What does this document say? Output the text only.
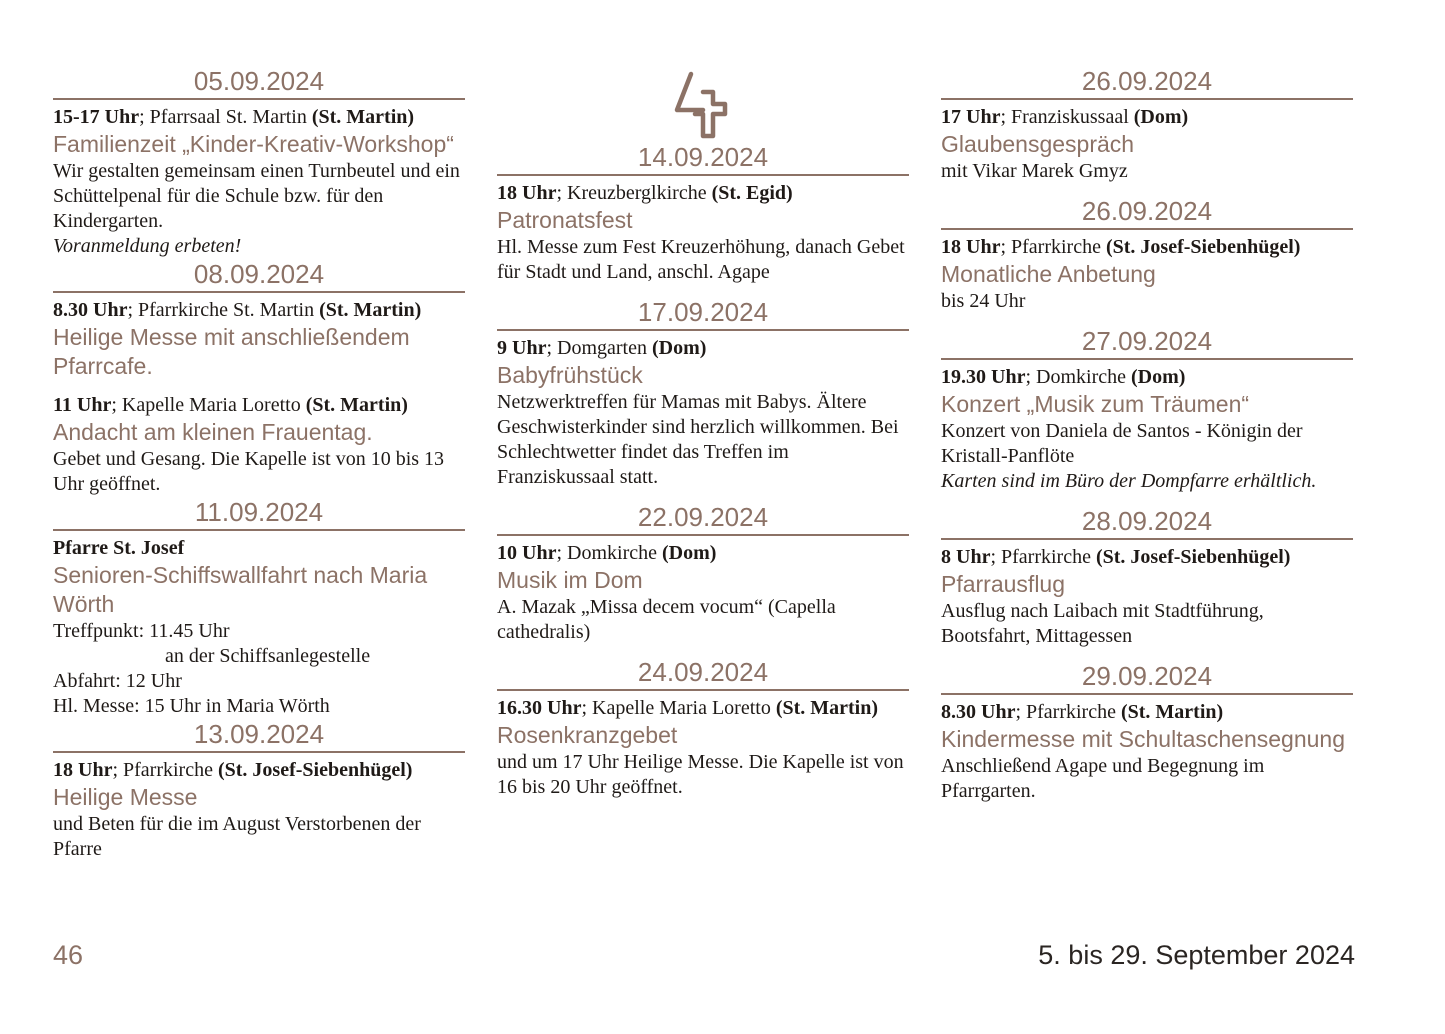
05.09.2024
15-17 Uhr; Pfarrsaal St. Martin (St. Martin)
Familienzeit „Kinder-Kreativ-Workshop“
Wir gestalten gemeinsam einen Turnbeutel und ein Schüttelpenal für die Schule bzw. für den Kindergarten.
Voranmeldung erbeten!
08.09.2024
8.30 Uhr; Pfarrkirche St. Martin (St. Martin)
Heilige Messe mit anschließendem Pfarrcafe.
11 Uhr; Kapelle Maria Loretto (St. Martin)
Andacht am kleinen Frauentag.
Gebet und Gesang. Die Kapelle ist von 10 bis 13 Uhr geöffnet.
11.09.2024
Pfarre St. Josef
Senioren-Schiffswallfahrt nach Maria Wörth
Treffpunkt: 11.45 Uhr
an der Schiffsanlegestelle
Abfahrt: 12 Uhr
Hl. Messe: 15 Uhr in Maria Wörth
13.09.2024
18 Uhr; Pfarrkirche (St. Josef-Siebenhügel)
Heilige Messe
und Beten für die im August Verstorbenen der Pfarre
14.09.2024
18 Uhr; Kreuzberglkirche (St. Egid)
Patronatsfest
Hl. Messe zum Fest Kreuzerhöhung, danach Gebet für Stadt und Land, anschl. Agape
17.09.2024
9 Uhr; Domgarten (Dom)
Babyfrühstück
Netzwerktreffen für Mamas mit Babys. Ältere Geschwisterkinder sind herzlich willkommen. Bei Schlechtwetter findet das Treffen im Franziskussaal statt.
22.09.2024
10 Uhr; Domkirche (Dom)
Musik im Dom
A. Mazak „Missa decem vocum“ (Capella cathedralis)
24.09.2024
16.30 Uhr; Kapelle Maria Loretto (St. Martin)
Rosenkranzgebet
und um 17 Uhr Heilige Messe. Die Kapelle ist von 16 bis 20 Uhr geöffnet.
26.09.2024
17 Uhr; Franziskussaal (Dom)
Glaubensgespräch
mit Vikar Marek Gmyz
26.09.2024
18 Uhr; Pfarrkirche (St. Josef-Siebenhügel)
Monatliche Anbetung
bis 24 Uhr
27.09.2024
19.30 Uhr; Domkirche (Dom)
Konzert „Musik zum Träumen“
Konzert von Daniela de Santos - Königin der Kristall-Panflöte
Karten sind im Büro der Dompfarre erhältlich.
28.09.2024
8 Uhr; Pfarrkirche (St. Josef-Siebenhügel)
Pfarrausflug
Ausflug nach Laibach mit Stadtführung, Bootsfahrt, Mittagessen
29.09.2024
8.30 Uhr; Pfarrkirche (St. Martin)
Kindermesse mit Schultaschensegnung
Anschließend Agape und Begegnung im Pfarrgarten.
46	5. bis 29. September 2024
